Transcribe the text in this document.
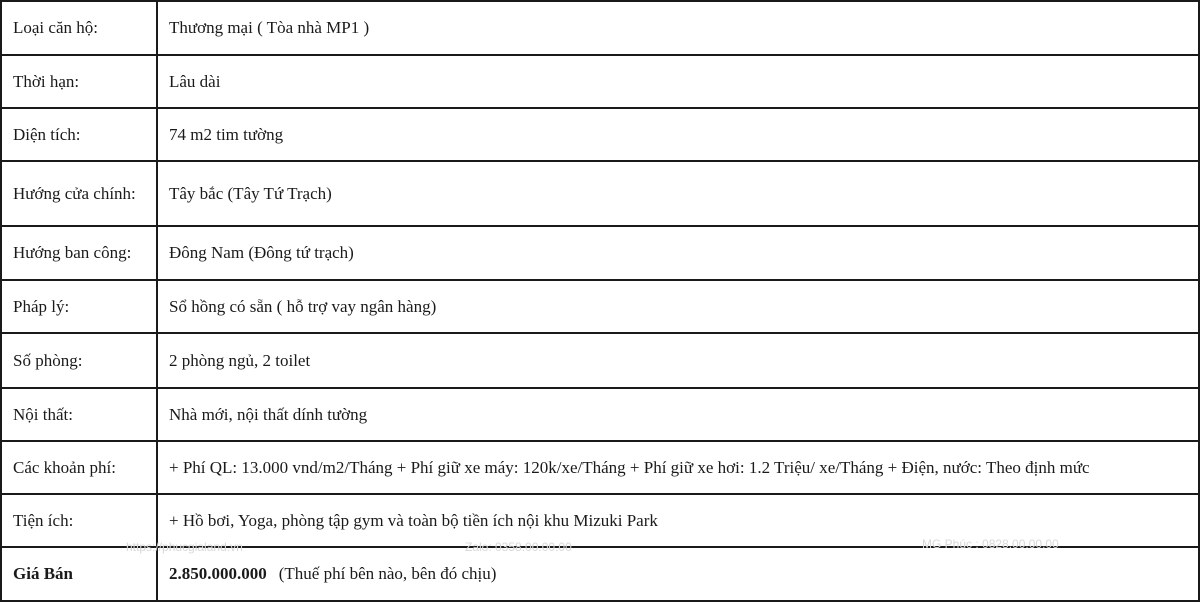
Loại căn hộ:	Thương mại ( Tòa nhà MP1 )
Thời hạn:	Lâu dài
Diện tích:	74 m2 tim tường
Hướng cửa chính:	Tây bắc (Tây Tứ Trạch)
Hướng ban công:	Đông Nam (Đông tứ trạch)
Pháp lý:	Sổ hồng có sẵn ( hỗ trợ vay ngân hàng)
Số phòng:	2 phòng ngủ, 2 toilet
Nội thất:	Nhà mới, nội thất dính tường
Các khoản phí:	+ Phí QL: 13.000 vnd/m2/Tháng + Phí giữ xe máy: 120k/xe/Tháng + Phí giữ xe hơi: 1.2 Triệu/ xe/Tháng + Điện, nước: Theo định mức
Tiện ích:	+ Hồ bơi, Yoga, phòng tập gym và toàn bộ tiền ích nội khu Mizuki Park
Giá Bán	2.850.000.000 (Thuế phí bên nào, bên đó chịu)
https://phucgialand.vn	Zalo: 0358.00.00.00	MG Phúc : 0828.00.00.00
